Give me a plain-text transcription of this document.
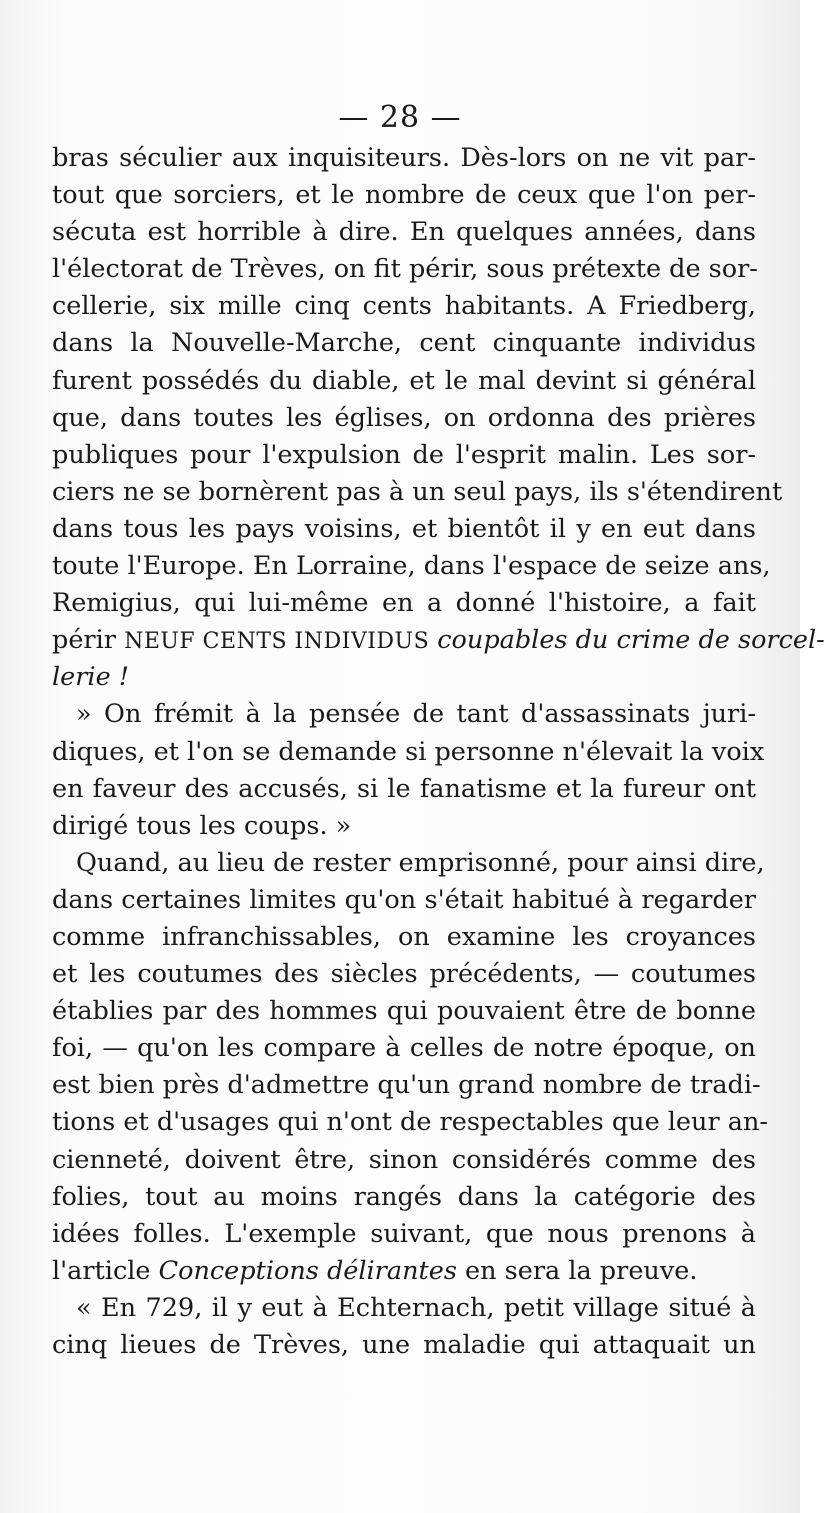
— 28 —
bras séculier aux inquisiteurs. Dès-lors on ne vit par-
tout que sorciers, et le nombre de ceux que l'on per-
sécuta est horrible à dire. En quelques années, dans
l'électorat de Trèves, on fit périr, sous prétexte de sor-
cellerie, six mille cinq cents habitants. A Friedberg,
dans la Nouvelle-Marche, cent cinquante individus
furent possédés du diable, et le mal devint si général
que, dans toutes les églises, on ordonna des prières
publiques pour l'expulsion de l'esprit malin. Les sor-
ciers ne se bornèrent pas à un seul pays, ils s'étendirent
dans tous les pays voisins, et bientôt il y en eut dans
toute l'Europe. En Lorraine, dans l'espace de seize ans,
Remigius, qui lui-même en a donné l'histoire, a fait
périr NEUF CENTS INDIVIDUS coupables du crime de sorcel-
lerie !
» On frémit à la pensée de tant d'assassinats juri-
diques, et l'on se demande si personne n'élevait la voix
en faveur des accusés, si le fanatisme et la fureur ont
dirigé tous les coups. »
Quand, au lieu de rester emprisonné, pour ainsi dire,
dans certaines limites qu'on s'était habitué à regarder
comme infranchissables, on examine les croyances
et les coutumes des siècles précédents, — coutumes
établies par des hommes qui pouvaient être de bonne
foi, — qu'on les compare à celles de notre époque, on
est bien près d'admettre qu'un grand nombre de tradi-
tions et d'usages qui n'ont de respectables que leur an-
cienneté, doivent être, sinon considérés comme des
folies, tout au moins rangés dans la catégorie des
idées folles. L'exemple suivant, que nous prenons à
l'article Conceptions délirantes en sera la preuve.
« En 729, il y eut à Echternach, petit village situé à
cinq lieues de Trèves, une maladie qui attaquait un
